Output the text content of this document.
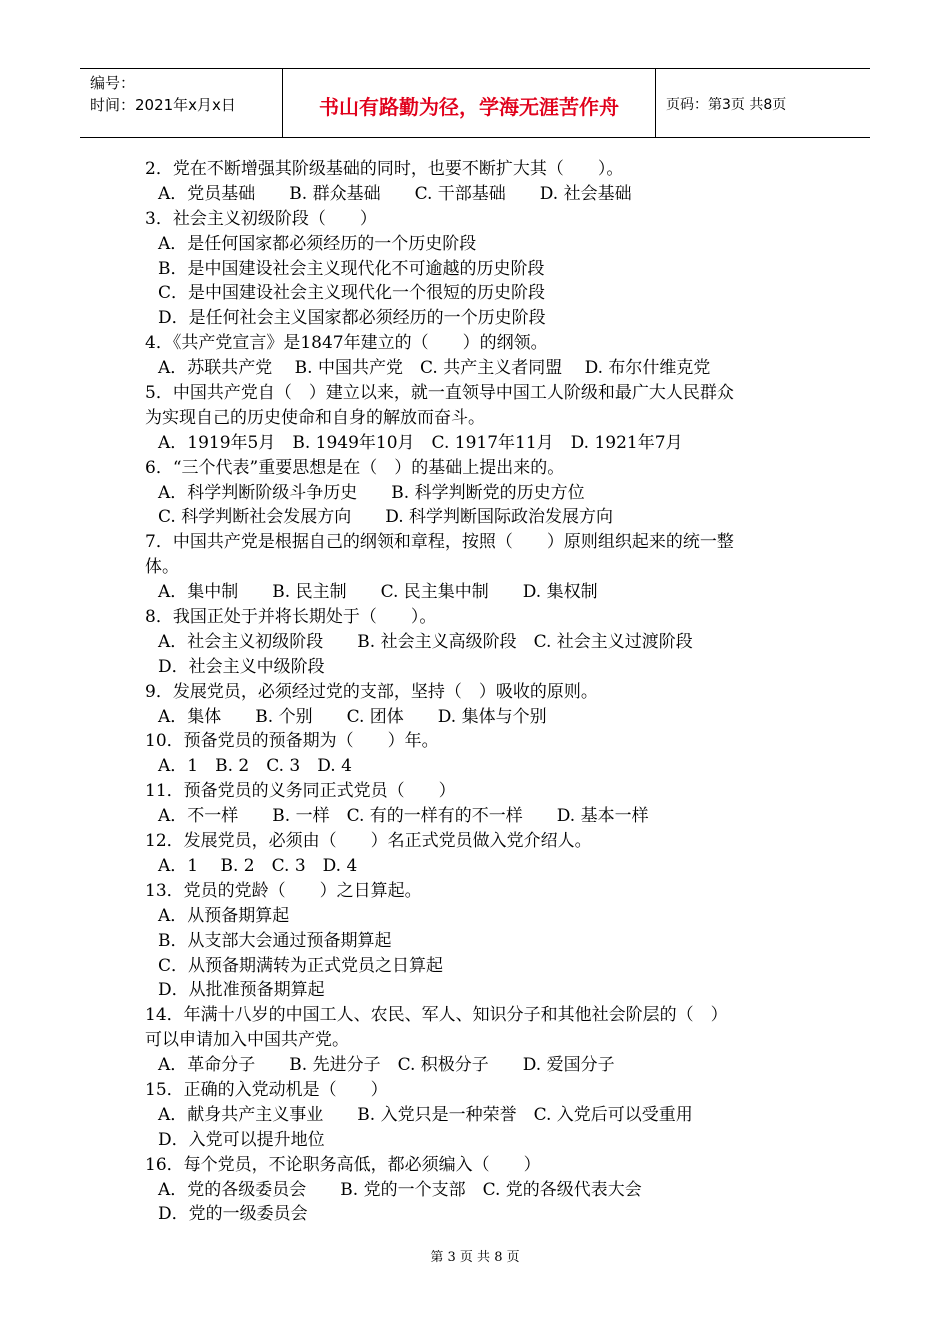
编号：
时间：2021年x月x日	书山有路勤为径，学海无涯苦作舟	页码：第3页 共8页
2．党在不断增强其阶级基础的同时，也要不断扩大其（　　）。
A．党员基础　　B. 群众基础　　C. 干部基础　　D. 社会基础
3．社会主义初级阶段（　　）
A．是任何国家都必须经历的一个历史阶段
B．是中国建设社会主义现代化不可逾越的历史阶段
C．是中国建设社会主义现代化一个很短的历史阶段
D．是任何社会主义国家都必须经历的一个历史阶段
4．《共产党宣言》是1847年建立的（　　）的纲领。
A．苏联共产党　 B. 中国共产党　C. 共产主义者同盟　 D. 布尔什维克党
5．中国共产党自（　）建立以来，就一直领导中国工人阶级和最广大人民群众
为实现自己的历史使命和自身的解放而奋斗。
A．1919年5月　B. 1949年10月　C. 1917年11月　D. 1921年7月
6．“三个代表”重要思想是在（　）的基础上提出来的。
A．科学判断阶级斗争历史　　B. 科学判断党的历史方位
C. 科学判断社会发展方向　　D. 科学判断国际政治发展方向
7．中国共产党是根据自己的纲领和章程，按照（　　）原则组织起来的统一整
体。
A．集中制　　B. 民主制　　C. 民主集中制　　D. 集权制
8．我国正处于并将长期处于（　　）。
A．社会主义初级阶段　　B. 社会主义高级阶段　C. 社会主义过渡阶段
D．社会主义中级阶段
9．发展党员，必须经过党的支部，坚持（　）吸收的原则。
A．集体　　B. 个别　　C. 团体　　D. 集体与个别
10．预备党员的预备期为（　　）年。
A．1　B. 2　C. 3　D. 4
11．预备党员的义务同正式党员（　　）
A．不一样　　B. 一样　C. 有的一样有的不一样　　D. 基本一样
12．发展党员，必须由（　　）名正式党员做入党介绍人。
A．1　 B. 2　C. 3　D. 4
13．党员的党龄（　　）之日算起。
A．从预备期算起
B．从支部大会通过预备期算起
C．从预备期满转为正式党员之日算起
D．从批准预备期算起
14．年满十八岁的中国工人、农民、军人、知识分子和其他社会阶层的（　）
可以申请加入中国共产党。
A．革命分子　　B. 先进分子　C. 积极分子　　D. 爱国分子
15．正确的入党动机是（　　）
A．献身共产主义事业　　B. 入党只是一种荣誉　C. 入党后可以受重用
D．入党可以提升地位
16．每个党员，不论职务高低，都必须编入（　　）
A．党的各级委员会　　B. 党的一个支部　C. 党的各级代表大会
D．党的一级委员会
第 3 页 共 8 页
